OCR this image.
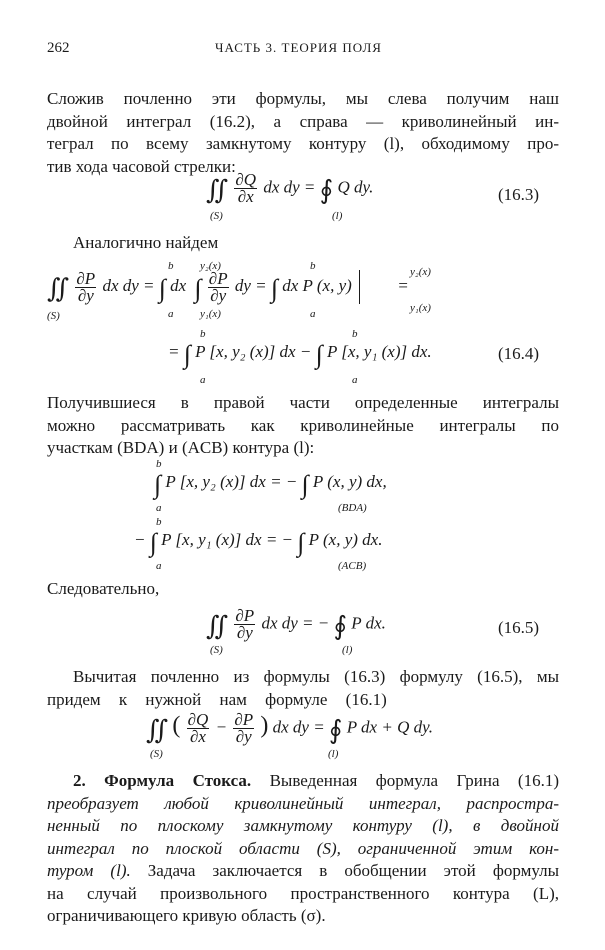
262	ЧАСТЬ 3. ТЕОРИЯ ПОЛЯ
Сложив почленно эти формулы, мы слева получим наш
двойной интеграл (16.2), а справа — криволинейный ин-
теграл по всему замкнутому контуру (l), обходимому про-
тив хода часовой стрелки:
∬ $\frac{\partial Q}{\partial x}$ dx dy = ∮ Q dy.
(S)	(l)
(16.3)
Аналогично найдем
∬ $\frac{\partial P}{\partial y}$ dx dy = ∫ dx ∫ $\frac{\partial P}{\partial y}$ dy = ∫ dx P (x, y)	=
(S)
b
a
y₂(x)
y₁(x)
b
a
y₂(x)
y₁(x)
= ∫ P [x, y₂ (x)] dx − ∫ P [x, y₁ (x)] dx.
b
a
b
a
(16.4)
Получившиеся в правой части определенные интегралы
можно рассматривать как криволинейные интегралы по
участкам (BDA) и (ACB) контура (l):
∫ P [x, y₂ (x)] dx = − ∫ P (x, y) dx,
b
a	(BDA)
− ∫ P [x, y₁ (x)] dx = − ∫ P (x, y) dx.
b
a	(ACB)
Следовательно,
∬ $\frac{\partial P}{\partial y}$ dx dy = − ∮ P dx.
(S)	(l)
(16.5)
Вычитая почленно из формулы (16.3) формулу (16.5), мы
придем к нужной нам формуле (16.1)
∬ ( $\frac{\partial Q}{\partial x} - \frac{\partial P}{\partial y}$ ) dx dy = ∮ P dx + Q dy.
(S)	(l)
2. Формула Стокса. Выведенная формула Грина (16.1)
преобразует любой криволинейный интеграл, распростра-
ненный по плоскому замкнутому контуру (l), в двойной
интеграл по плоской области (S), ограниченной этим кон-
туром (l). Задача заключается в обобщении этой формулы
на случай произвольного пространственного контура (L),
ограничивающего кривую область (σ).
